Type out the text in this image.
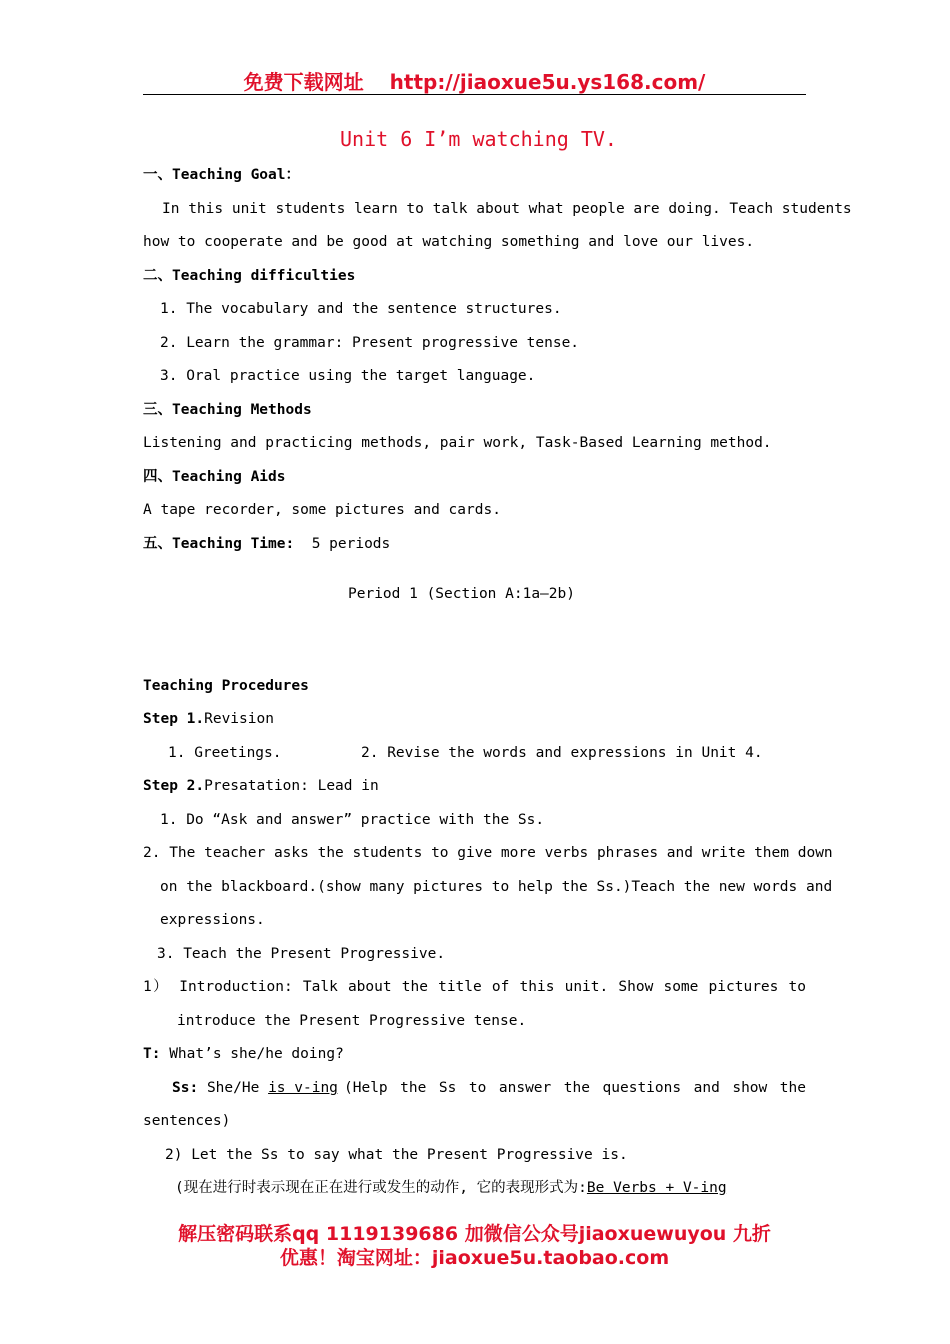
免费下载网址 http://jiaoxue5u.ys168.com/
Unit 6 I’m watching TV.
一、Teaching Goal：
In this unit students learn to talk about what people are doing. Teach students
how to cooperate and be good at watching something and love our lives.
二、Teaching difficulties
1. The vocabulary and the sentence structures.
2. Learn the grammar: Present progressive tense.
3. Oral practice using the target language.
三、Teaching Methods
Listening and practicing methods, pair work, Task-Based Learning method.
四、Teaching Aids
A tape recorder, some pictures and cards.
五、Teaching Time: 5 periods
Period 1 (Section A:1a—2b)
Teaching Procedures
Step 1.Revision
1. Greetings.	2. Revise the words and expressions in Unit 4.
Step 2.Presatation: Lead in
1. Do “Ask and answer” practice with the Ss.
2. The teacher asks the students to give more verbs phrases and write them down
on the blackboard.(show many pictures to help the Ss.)Teach the new words and
expressions.
3. Teach the Present Progressive.
1） Introduction: Talk about the title of this unit. Show some pictures to
introduce the Present Progressive tense.
T: What’s she/he doing?
Ss: She/He is v-ing (Help the Ss to answer the questions and show the
sentences)
2) Let the Ss to say what the Present Progressive is.
(现在进行时表示现在正在进行或发生的动作, 它的表现形式为:Be Verbs + V-ing
解压密码联系qq 1119139686 加微信公众号jiaoxuewuyou 九折
优惠！淘宝网址：jiaoxue5u.taobao.com
